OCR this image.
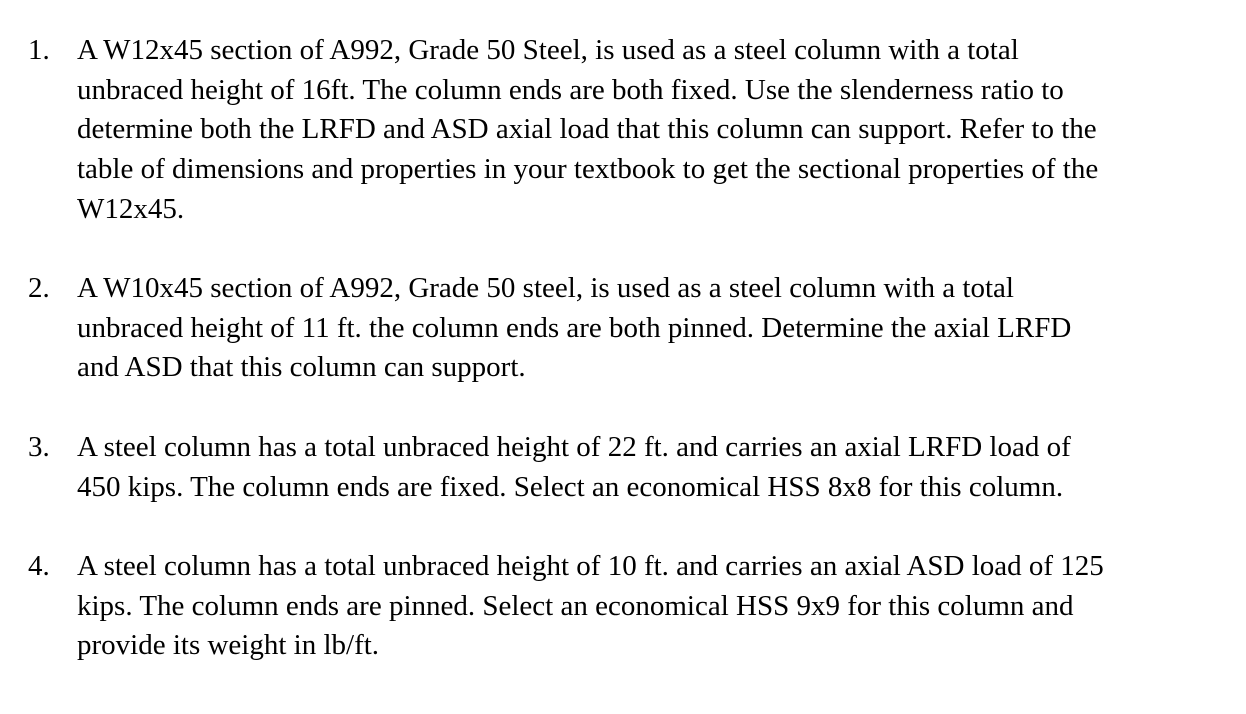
1. A W12x45 section of A992, Grade 50 Steel, is used as a steel column with a total
unbraced height of 16ft. The column ends are both fixed. Use the slenderness ratio to
determine both the LRFD and ASD axial load that this column can support. Refer to the
table of dimensions and properties in your textbook to get the sectional properties of the
W12x45.
2. A W10x45 section of A992, Grade 50 steel, is used as a steel column with a total
unbraced height of 11 ft. the column ends are both pinned. Determine the axial LRFD
and ASD that this column can support.
3. A steel column has a total unbraced height of 22 ft. and carries an axial LRFD load of
450 kips. The column ends are fixed. Select an economical HSS 8x8 for this column.
4. A steel column has a total unbraced height of 10 ft. and carries an axial ASD load of 125
kips. The column ends are pinned. Select an economical HSS 9x9 for this column and
provide its weight in lb/ft.
